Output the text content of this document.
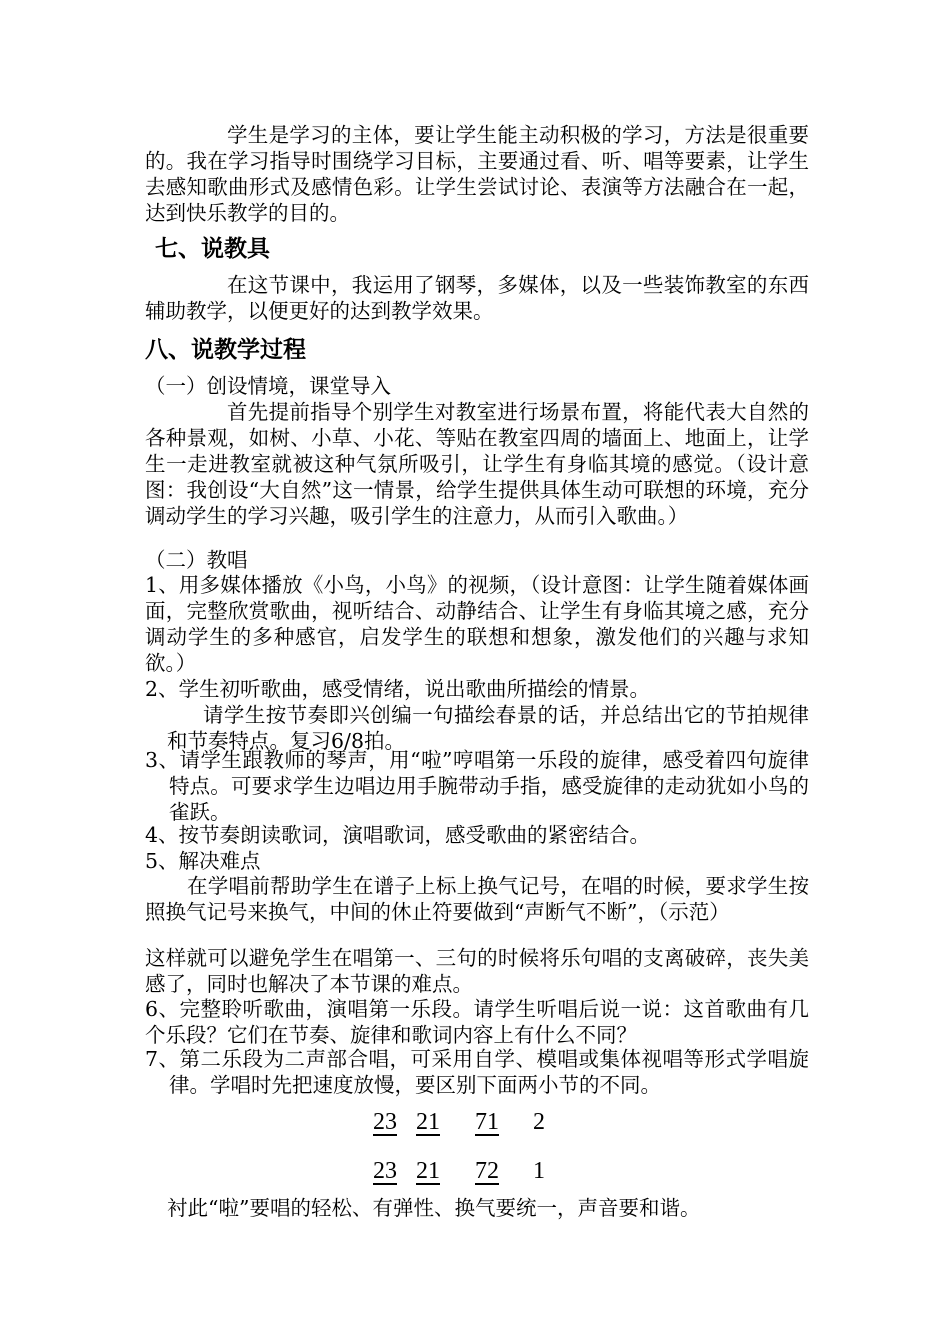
学生是学习的主体，要让学生能主动积极的学习，方法是很重要的。我在学习指导时围绕学习目标，主要通过看、听、唱等要素，让学生去感知歌曲形式及感情色彩。让学生尝试讨论、表演等方法融合在一起，达到快乐教学的目的。

七、说教具

在这节课中，我运用了钢琴，多媒体，以及一些装饰教室的东西辅助教学，以便更好的达到教学效果。

八、说教学过程

（一）创设情境，课堂导入

首先提前指导个别学生对教室进行场景布置，将能代表大自然的各种景观，如树、小草、小花、等贴在教室四周的墙面上、地面上，让学生一走进教室就被这种气氛所吸引，让学生有身临其境的感觉。（设计意图：我创设“大自然”这一情景，给学生提供具体生动可联想的环境，充分调动学生的学习兴趣，吸引学生的注意力，从而引入歌曲。）

（二）教唱

1、用多媒体播放《小鸟，小鸟》的视频，（设计意图：让学生随着媒体画面，完整欣赏歌曲，视听结合、动静结合、让学生有身临其境之感，充分调动学生的多种感官，启发学生的联想和想象，激发他们的兴趣与求知欲。）

2、学生初听歌曲，感受情绪，说出歌曲所描绘的情景。

请学生按节奏即兴创编一句描绘春景的话，并总结出它的节拍规律和节奏特点。复习6/8拍。

3、请学生跟教师的琴声，用“啦”哼唱第一乐段的旋律，感受着四句旋律特点。可要求学生边唱边用手腕带动手指，感受旋律的走动犹如小鸟的雀跃。

4、按节奏朗读歌词，演唱歌词，感受歌曲的紧密结合。

5、解决难点

在学唱前帮助学生在谱子上标上换气记号，在唱的时候，要求学生按照换气记号来换气，中间的休止符要做到“声断气不断”，（示范）

这样就可以避免学生在唱第一、三句的时候将乐句唱的支离破碎，丧失美感了，同时也解决了本节课的难点。

6、完整聆听歌曲，演唱第一乐段。请学生听唱后说一说：这首歌曲有几个乐段？它们在节奏、旋律和歌词内容上有什么不同？

7、第二乐段为二声部合唱，可采用自学、模唱或集体视唱等形式学唱旋律。学唱时先把速度放慢，要区别下面两小节的不同。

23 21 71 2
23 21 72	1

衬此“啦”要唱的轻松、有弹性、换气要统一，声音要和谐。
